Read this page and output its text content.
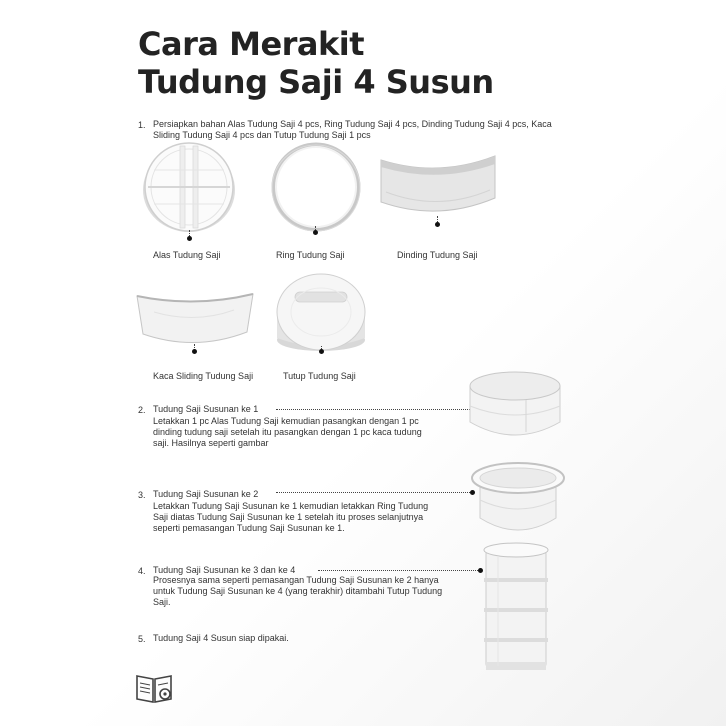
Cara Merakit
Tudung Saji 4 Susun
1. Persiapkan bahan Alas Tudung Saji 4 pcs, Ring Tudung Saji 4 pcs, Dinding Tudung Saji 4 pcs, Kaca Sliding Tudung Saji 4 pcs dan Tutup Tudung Saji 1 pcs

Alas Tudung Saji	Ring Tudung Saji	Dinding Tudung Saji
Kaca Sliding Tudung Saji	Tutup Tudung Saji
2. Tudung Saji Susunan ke 1

Letakkan 1 pc Alas Tudung Saji kemudian pasangkan dengan 1 pc dinding tudung saji setelah itu pasangkan dengan 1 pc kaca tudung saji. Hasilnya seperti gambar

3. Tudung Saji Susunan ke 2

Letakkan Tudung Saji Susunan ke 1 kemudian letakkan Ring Tudung Saji diatas Tudung Saji Susunan ke 1 setelah itu proses selanjutnya seperti pemasangan Tudung Saji Susunan ke 1.

4. Tudung Saji Susunan ke 3 dan ke 4

Prosesnya sama seperti pemasangan Tudung Saji Susunan ke 2 hanya untuk Tudung Saji Susunan ke 4 (yang terakhir) ditambahi Tutup Tudung Saji.

5. Tudung Saji 4 Susun siap dipakai.
